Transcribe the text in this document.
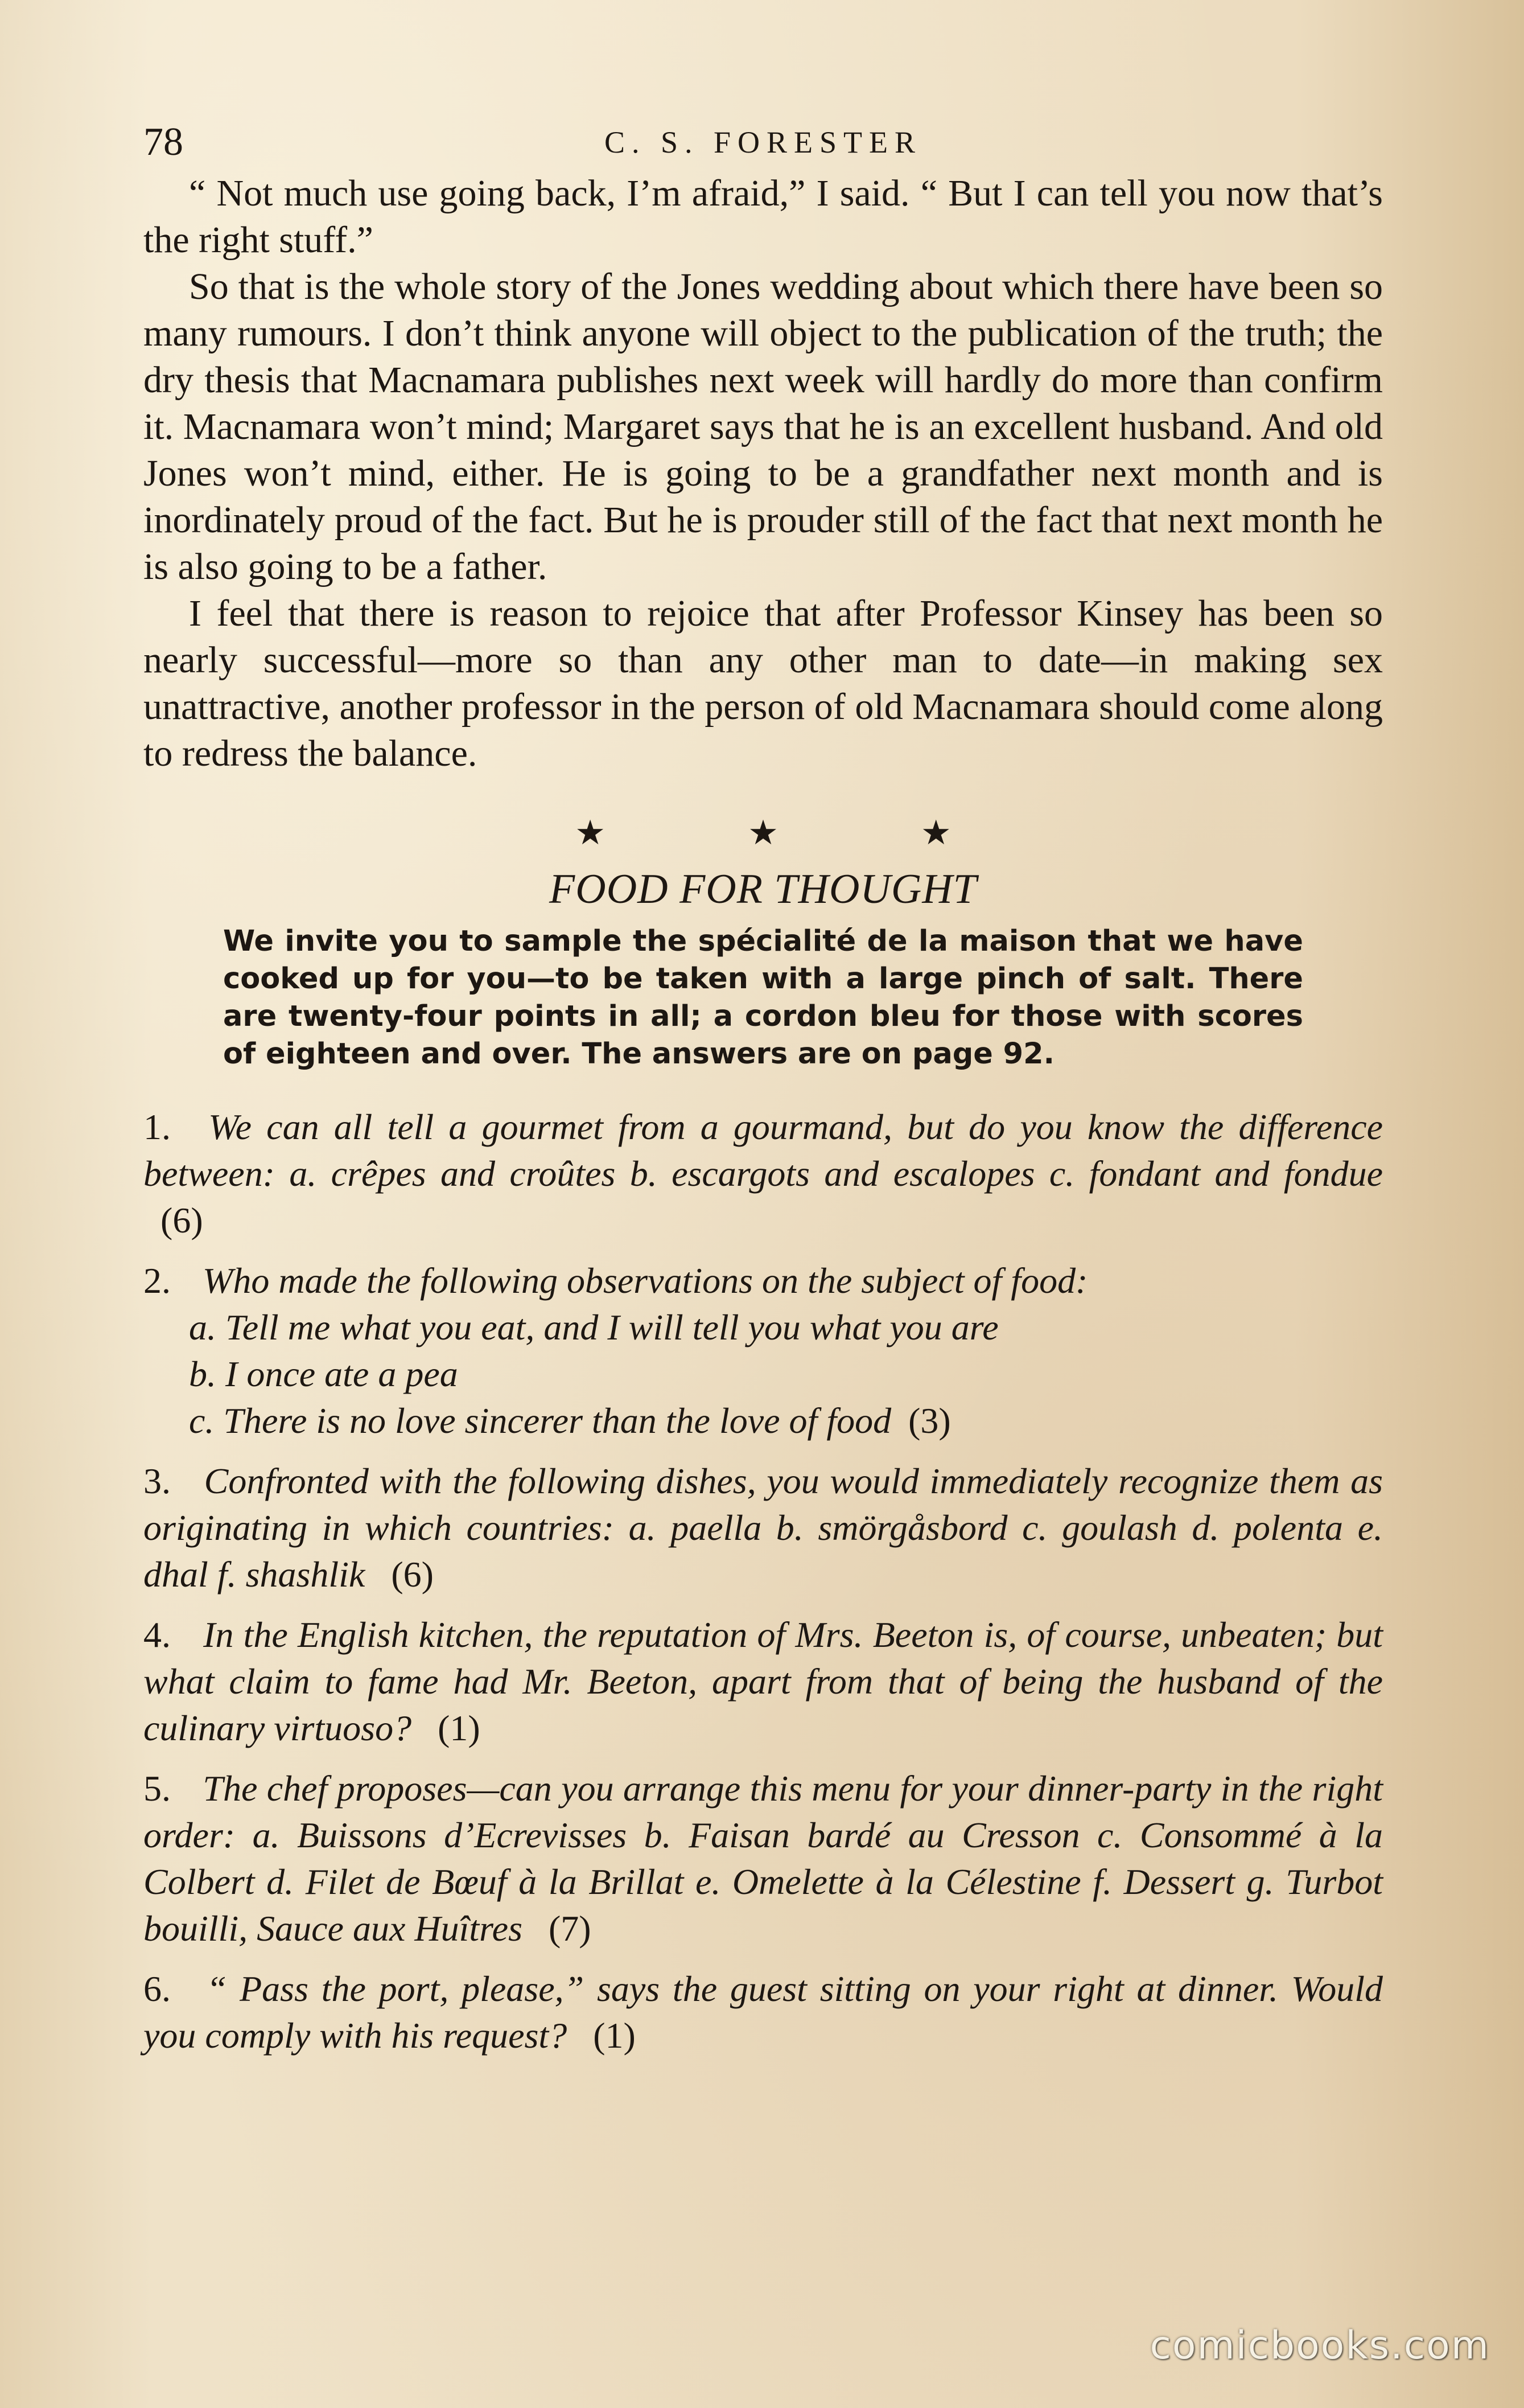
78	C. S. FORESTER

“ Not much use going back, I’m afraid,” I said. “ But I can tell you now that’s the right stuff.”

So that is the whole story of the Jones wedding about which there have been so many rumours. I don’t think anyone will object to the publication of the truth; the dry thesis that Macnamara publishes next week will hardly do more than confirm it. Macnamara won’t mind; Margaret says that he is an excellent husband. And old Jones won’t mind, either. He is going to be a grandfather next month and is inordinately proud of the fact. But he is prouder still of the fact that next month he is also going to be a father.

I feel that there is reason to rejoice that after Professor Kinsey has been so nearly successful—more so than any other man to date—in making sex unattractive, another professor in the person of old Macnamara should come along to redress the balance.

★	★	★
FOOD FOR THOUGHT
We invite you to sample the spécialité de la maison that we have cooked up for you—to be taken with a large pinch of salt. There are twenty-four points in all; a cordon bleu for those with scores of eighteen and over. The answers are on page 92.
1. We can all tell a gourmet from a gourmand, but do you know the difference between: a. crêpes and croûtes b. escargots and escalopes c. fondant and fondue (6)
2. Who made the following observations on the subject of food:
a. Tell me what you eat, and I will tell you what you are
b. I once ate a pea
c. There is no love sincerer than the love of food (3)
3. Confronted with the following dishes, you would immediately recognize them as originating in which countries: a. paella b. smörgåsbord c. goulash d. polenta e. dhal f. shashlik (6)
4. In the English kitchen, the reputation of Mrs. Beeton is, of course, unbeaten; but what claim to fame had Mr. Beeton, apart from that of being the husband of the culinary virtuoso? (1)
5. The chef proposes—can you arrange this menu for your dinner-party in the right order: a. Buissons d’Ecrevisses b. Faisan bardé au Cresson c. Consommé à la Colbert d. Filet de Bœuf à la Brillat e. Omelette à la Célestine f. Dessert g. Turbot bouilli, Sauce aux Huîtres (7)
6. “ Pass the port, please,” says the guest sitting on your right at dinner. Would you comply with his request? (1)
comicbooks.com
